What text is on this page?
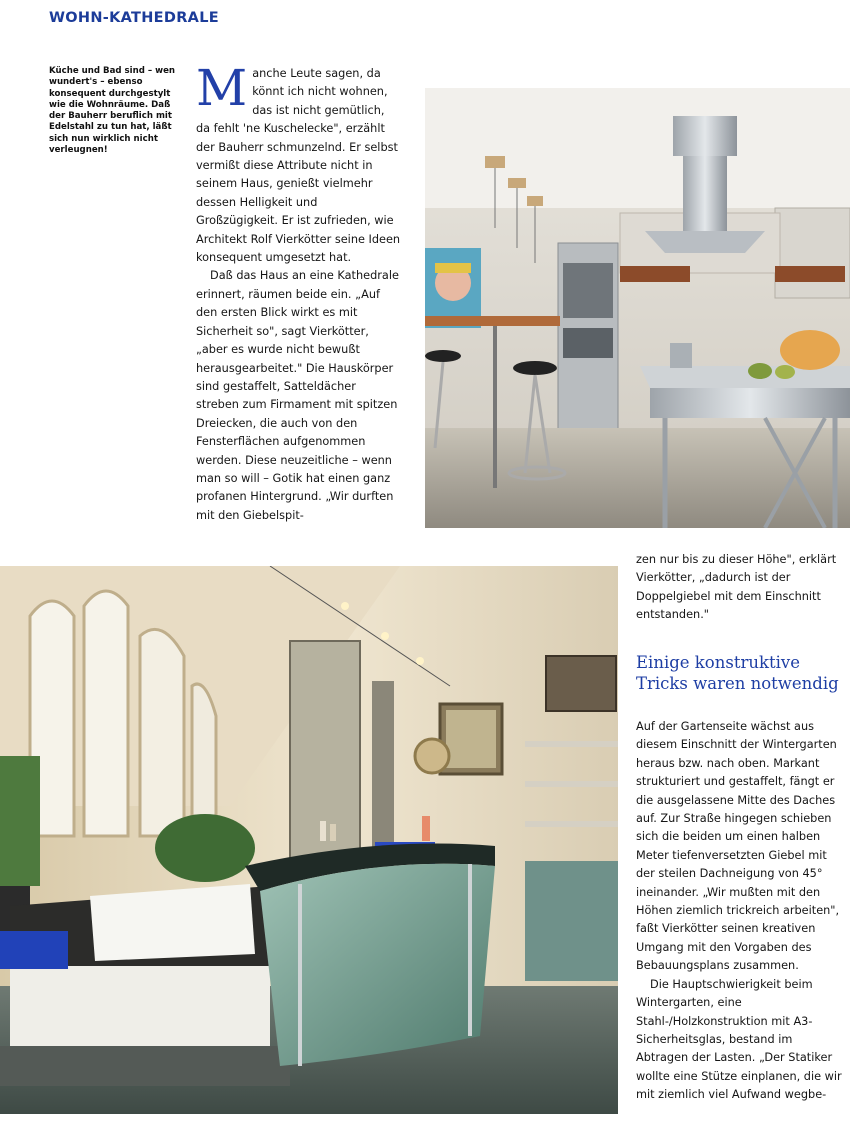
WOHN-KATHEDRALE
Küche und Bad sind – wen wundert's – ebenso konsequent durchgestylt wie die Wohnräume. Daß der Bauherr beruflich mit Edelstahl zu tun hat, läßt sich nun wirklich nicht verleugnen!
M anche Leute sagen, da könnt ich nicht wohnen, das ist nicht gemütlich, da fehlt 'ne Kuschelecke", erzählt der Bauherr schmunzelnd. Er selbst vermißt diese Attribute nicht in seinem Haus, genießt vielmehr dessen Helligkeit und Großzügigkeit. Er ist zufrieden, wie Architekt Rolf Vierkötter seine Ideen konsequent umgesetzt hat.

Daß das Haus an eine Kathedrale erinnert, räumen beide ein. „Auf den ersten Blick wirkt es mit Sicherheit so", sagt Vierkötter, „aber es wurde nicht bewußt herausgearbeitet." Die Hauskörper sind gestaffelt, Satteldächer streben zum Firmament mit spitzen Dreiecken, die auch von den Fensterflächen aufgenommen werden. Diese neuzeitliche – wenn man so will – Gotik hat einen ganz profanen Hintergrund. „Wir durften mit den Giebelspit-

zen nur bis zu dieser Höhe", erklärt Vierkötter, „dadurch ist der Doppelgiebel mit dem Einschnitt entstanden."
Einige konstruktive Tricks waren notwendig

Auf der Gartenseite wächst aus diesem Einschnitt der Wintergarten heraus bzw. nach oben. Markant strukturiert und gestaffelt, fängt er die ausgelassene Mitte des Daches auf. Zur Straße hingegen schieben sich die beiden um einen halben Meter tiefenversetzten Giebel mit der steilen Dachneigung von 45° ineinander. „Wir mußten mit den Höhen ziemlich trickreich arbeiten", faßt Vierkötter seinen kreativen Umgang mit den Vorgaben des Bebauungsplans zusammen.

Die Hauptschwierigkeit beim Wintergarten, eine Stahl-/Holzkonstruktion mit A3-Sicherheitsglas, bestand im Abtragen der Lasten. „Der Statiker wollte eine Stütze einplanen, die wir mit ziemlich viel Aufwand wegbe-
